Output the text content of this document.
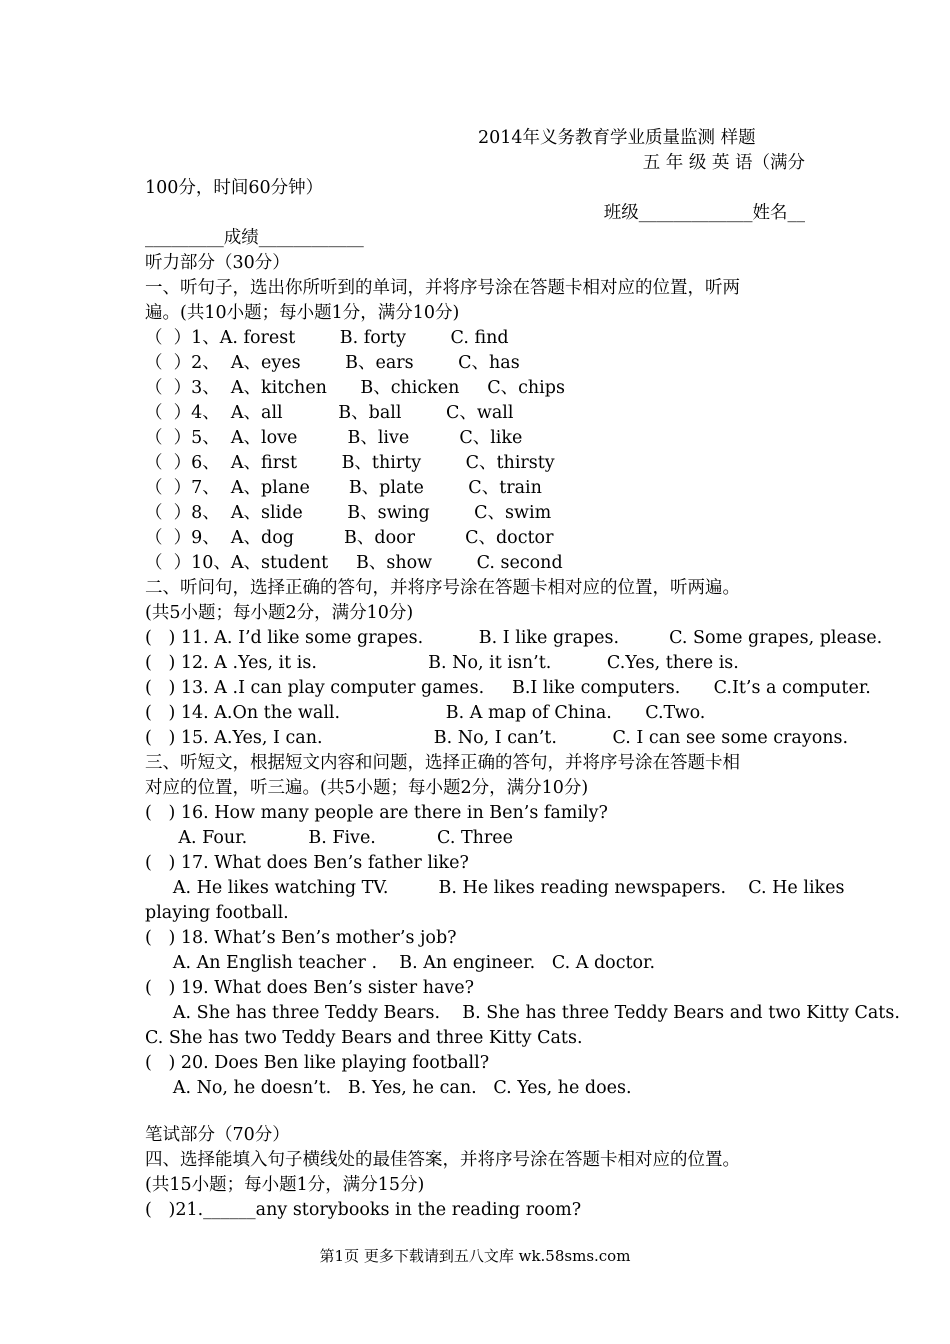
2014年义务教育学业质量监测 样题
五 年 级 英 语（满分
100分，时间60分钟）
班级_____________姓名__
_________成绩____________
听力部分（30分）
一、听句子，选出你所听到的单词，并将序号涂在答题卡相对应的位置，听两
遍。(共10小题；每小题1分，满分10分)
（  ）1、A. forest        B. forty        C. find
（  ）2、  A、eyes        B、ears        C、has
（  ）3、  A、kitchen      B、chicken     C、chips
（  ）4、  A、all          B、ball        C、wall
（  ）5、  A、love         B、live         C、like
（  ）6、  A、first        B、thirty        C、thirsty
（  ）7、  A、plane       B、plate        C、train
（  ）8、  A、slide        B、swing        C、swim
（  ）9、  A、dog         B、door         C、doctor
（  ）10、A、student     B、show        C. second
二、听问句，选择正确的答句，并将序号涂在答题卡相对应的位置，听两遍。
(共5小题；每小题2分，满分10分)
(   ) 11. A. I’d like some grapes.          B. I like grapes.         C. Some grapes, please.
(   ) 12. A .Yes, it is.                    B. No, it isn’t.          C.Yes, there is.
(   ) 13. A .I can play computer games.     B.I like computers.      C.It’s a computer.
(   ) 14. A.On the wall.                   B. A map of China.      C.Two.
(   ) 15. A.Yes, I can.                    B. No, I can’t.          C. I can see some crayons.
三、听短文，根据短文内容和问题，选择正确的答句，并将序号涂在答题卡相
对应的位置，听三遍。(共5小题；每小题2分，满分10分)
(   ) 16. How many people are there in Ben’s family?
A. Four.           B. Five.           C. Three
(   ) 17. What does Ben’s father like?
A. He likes watching TV.         B. He likes reading newspapers.    C. He likes
playing football.
(   ) 18. What’s Ben’s mother’s job?
A. An English teacher .    B. An engineer.   C. A doctor.
(   ) 19. What does Ben’s sister have?
A. She has three Teddy Bears.    B. She has three Teddy Bears and two Kitty Cats.
C. She has two Teddy Bears and three Kitty Cats.
(   ) 20. Does Ben like playing football?
A. No, he doesn’t.   B. Yes, he can.   C. Yes, he does.
笔试部分（70分）
四、选择能填入句子横线处的最佳答案，并将序号涂在答题卡相对应的位置。
(共15小题；每小题1分，满分15分)
(   )21.______any storybooks in the reading room?
第1页 更多下载请到五八文库 wk.58sms.com
